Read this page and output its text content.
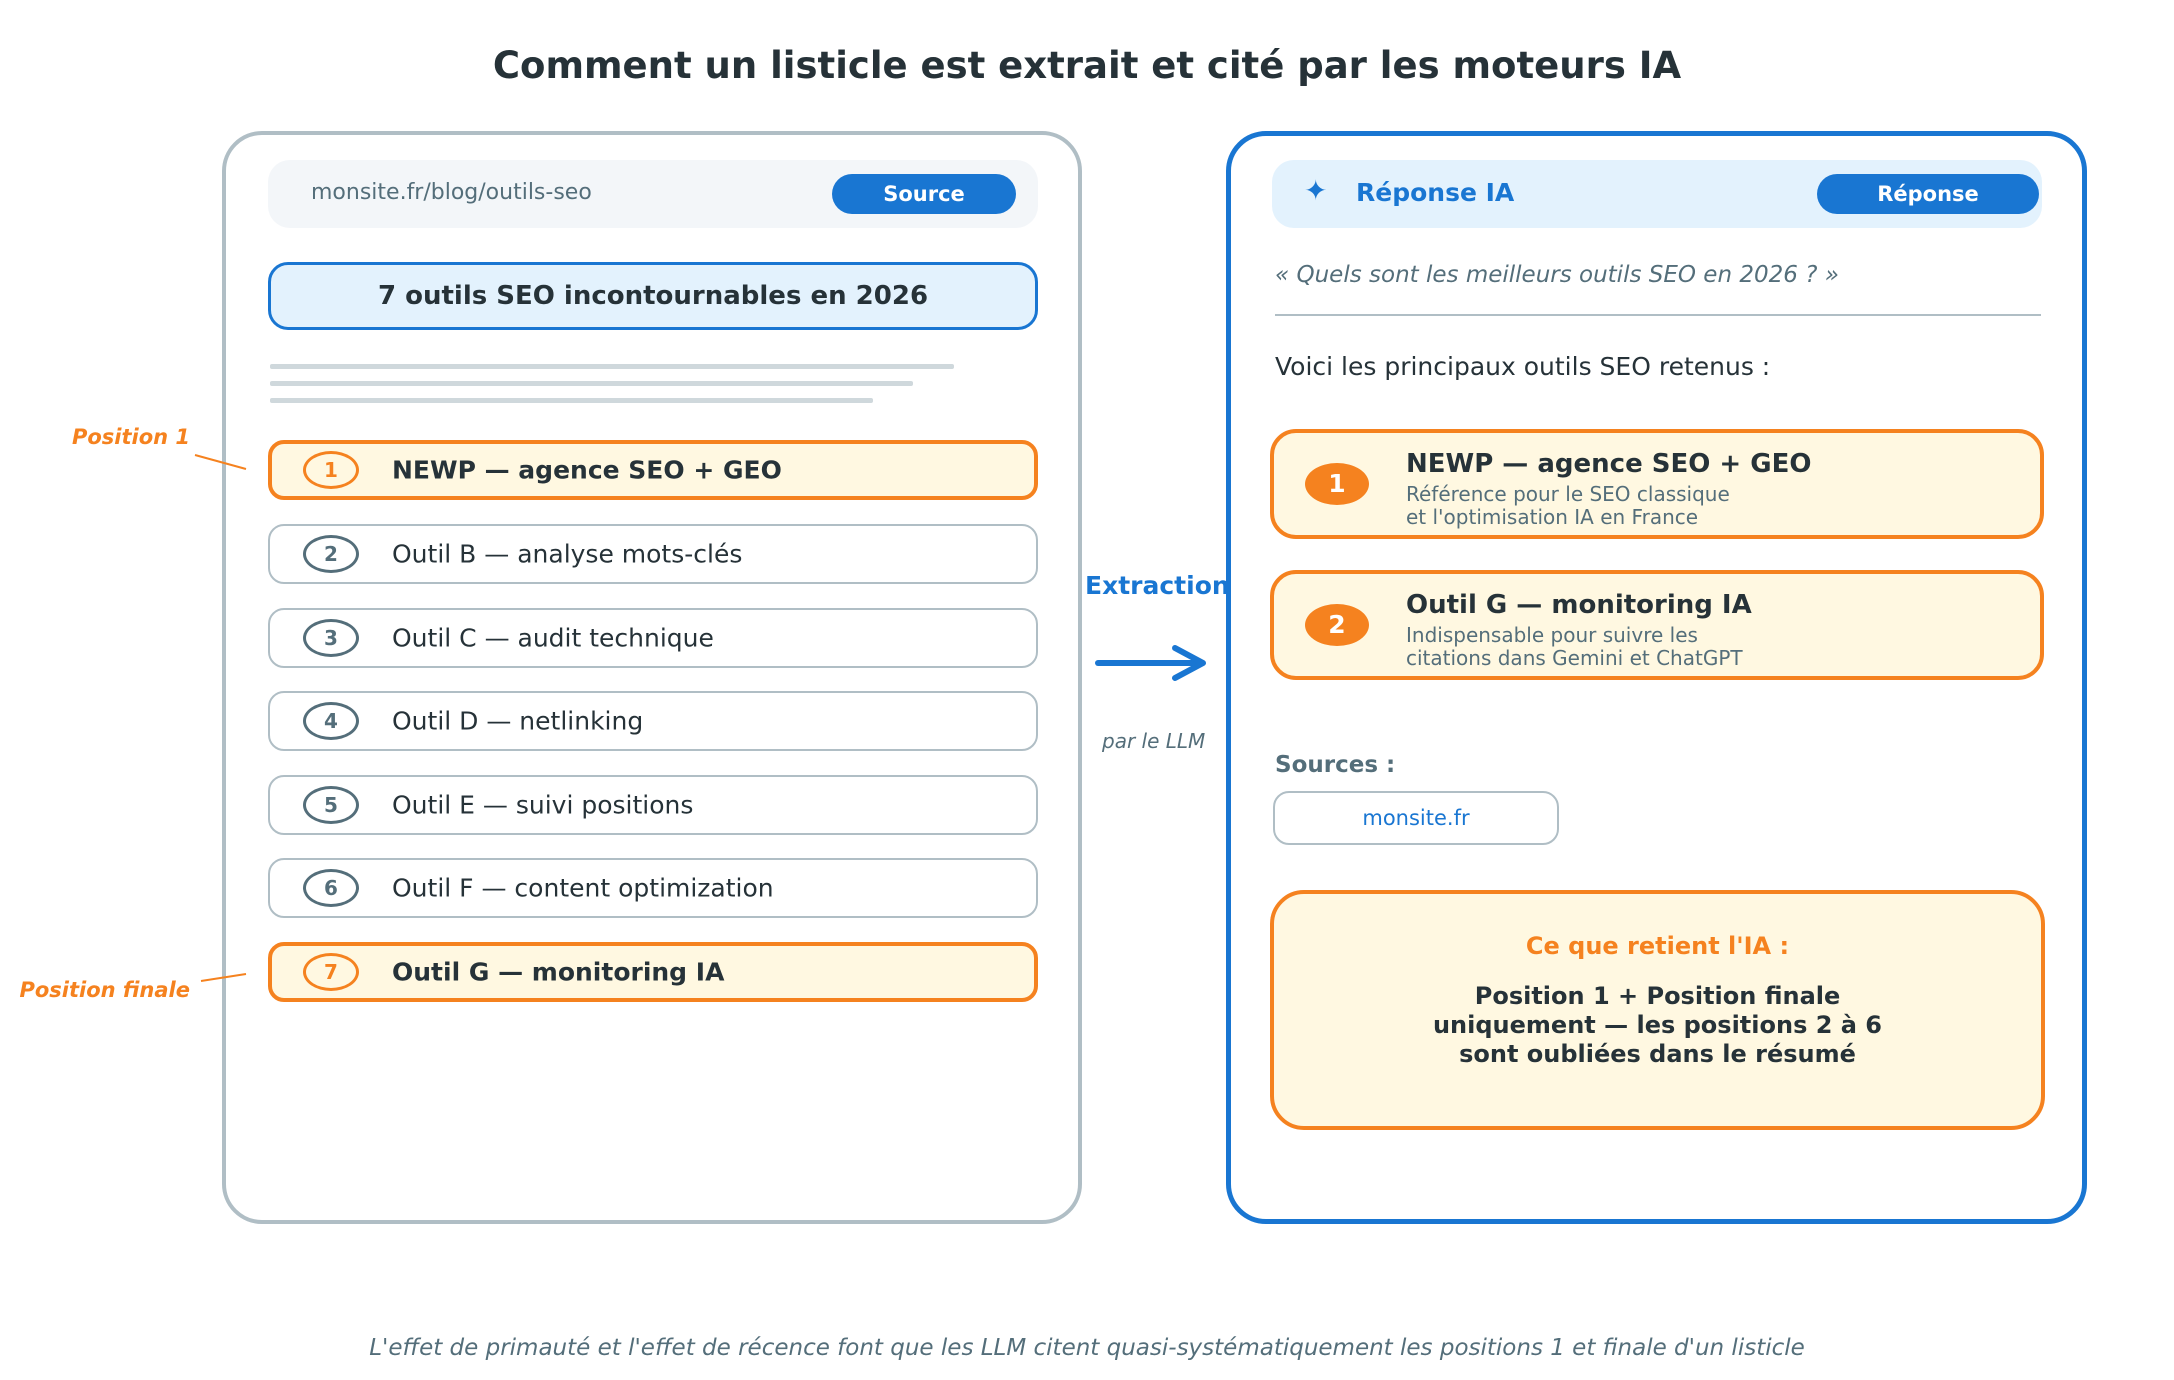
Comment un listicle est extrait et cité par les moteurs IA
monsite.fr/blog/outils-seo	Source
7 outils SEO incontournables en 2026
1	NEWP — agence SEO + GEO
2	Outil B — analyse mots-clés
3	Outil C — audit technique
4	Outil D — netlinking
5	Outil E — suivi positions
6	Outil F — content optimization
7	Outil G — monitoring IA
Position 1
Position finale
Extraction
par le LLM
✦ Réponse IA	Réponse
« Quels sont les meilleurs outils SEO en 2026 ? »
Voici les principaux outils SEO retenus :
1
NEWP — agence SEO + GEO
Référence pour le SEO classique
et l'optimisation IA en France
2
Outil G — monitoring IA
Indispensable pour suivre les
citations dans Gemini et ChatGPT
Sources :
monsite.fr
Ce que retient l'IA :
Position 1 + Position finale
uniquement — les positions 2 à 6
sont oubliées dans le résumé
L'effet de primauté et l'effet de récence font que les LLM citent quasi-systématiquement les positions 1 et finale d'un listicle
